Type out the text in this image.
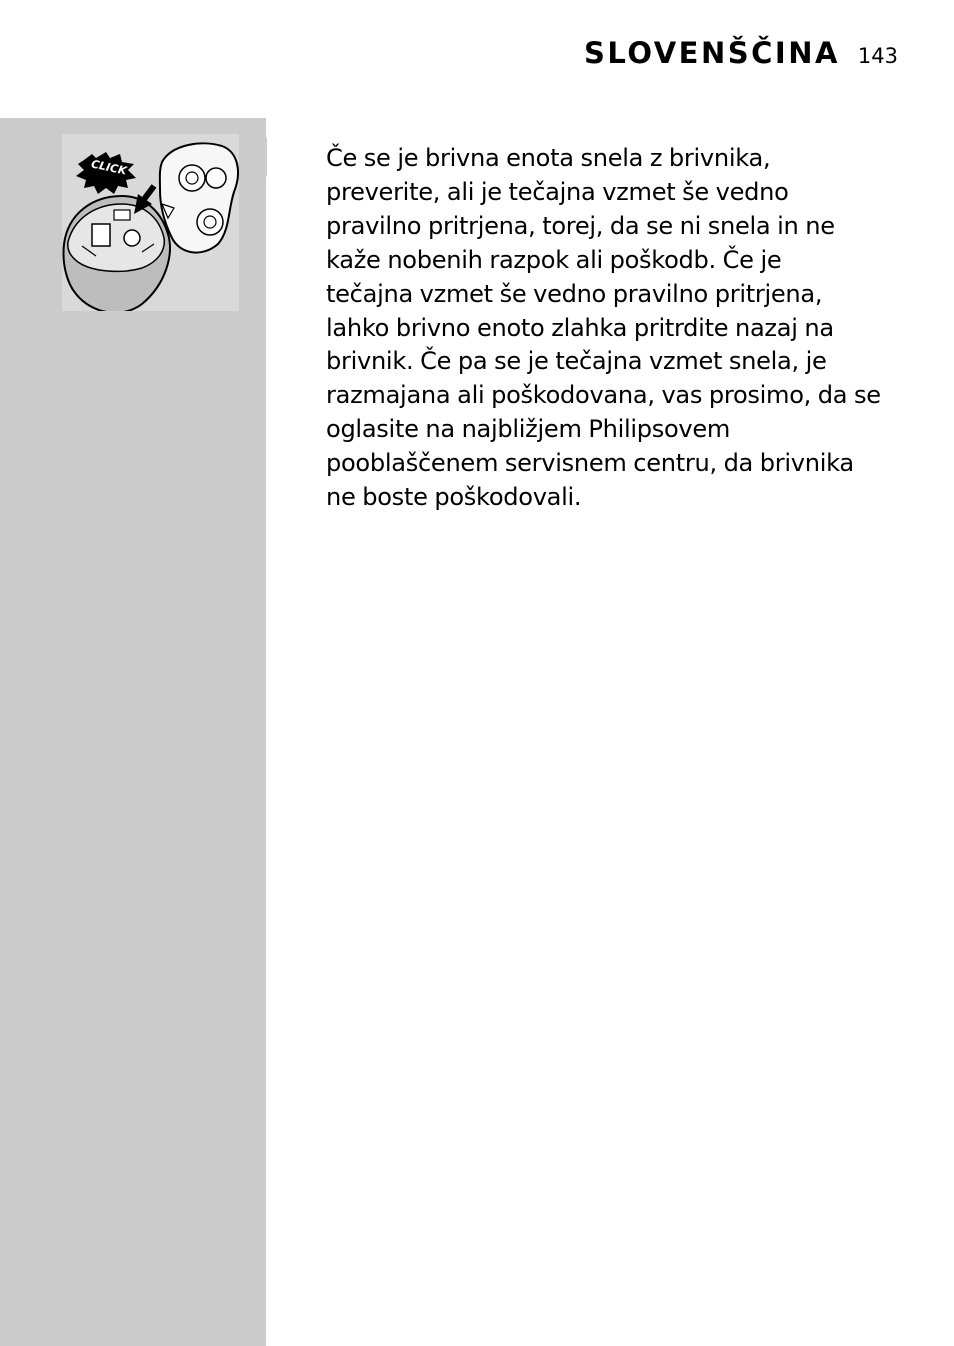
CLICK
SLOVENŠČINA 143

Če se je brivna enota snela z brivnika,
preverite, ali je tečajna vzmet še vedno
pravilno pritrjena, torej, da se ni snela in ne
kaže nobenih razpok ali poškodb. Če je
tečajna vzmet še vedno pravilno pritrjena,
lahko brivno enoto zlahka pritrdite nazaj na
brivnik. Če pa se je tečajna vzmet snela, je
razmajana ali poškodovana, vas prosimo, da se
oglasite na najbližjem Philipsovem
pooblaščenem servisnem centru, da brivnika
ne boste poškodovali.
